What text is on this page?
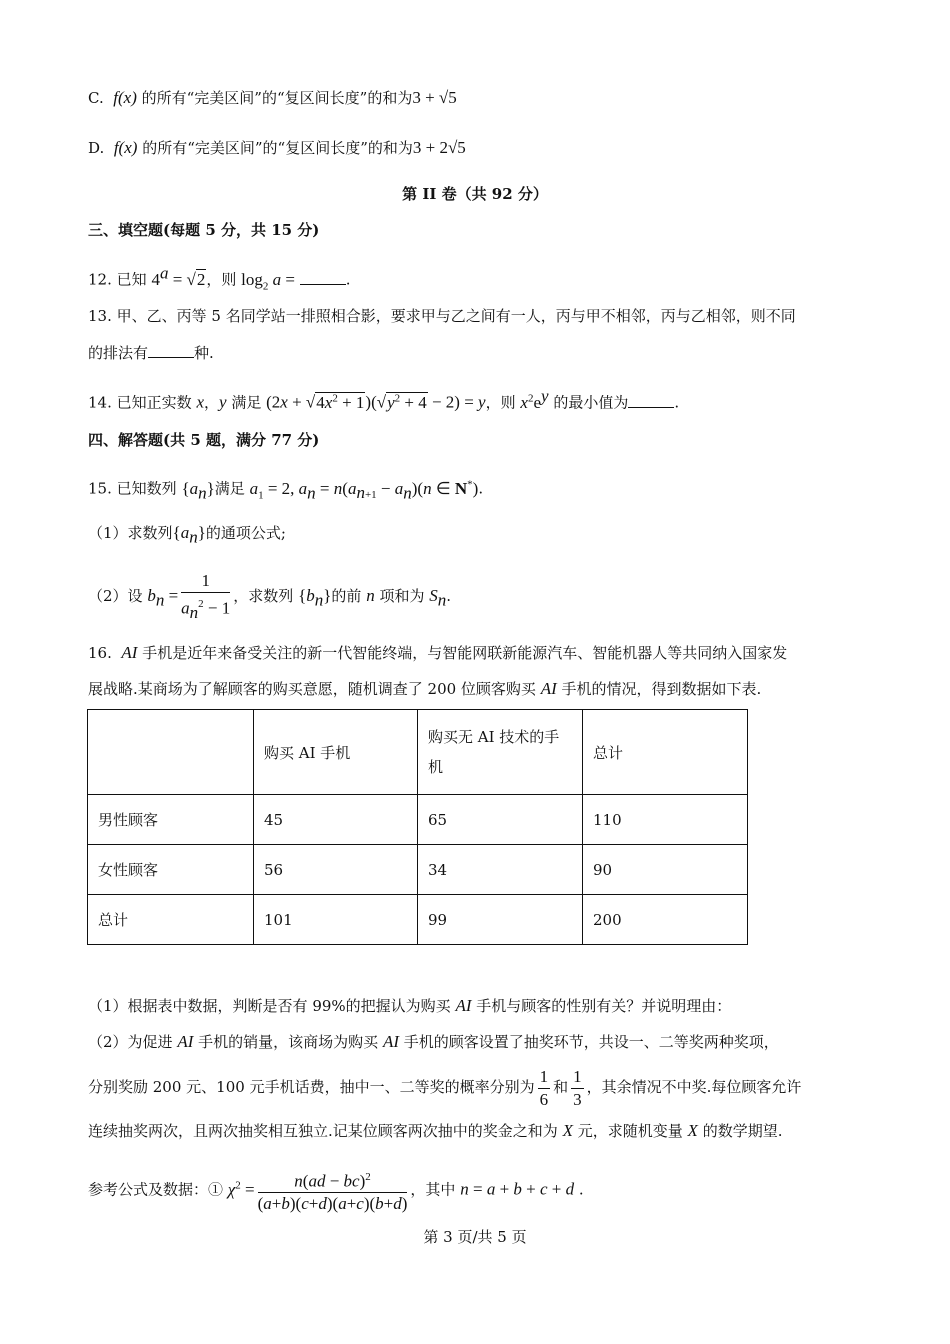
C. f(x) 的所有“完美区间”的“复区间长度”的和为3 + √5
D. f(x) 的所有“完美区间”的“复区间长度”的和为3 + 2√5
第 II 卷（共 92 分）
三、填空题(每题 5 分，共 15 分)
12. 已知 $4^a = √2$，则 $\log_2 a$ =	.
13. 甲、乙、丙等 5 名同学站一排照相合影，要求甲与乙之间有一人，丙与甲不相邻，丙与乙相邻，则不同
的排法有	种.
14. 已知正实数 x，y 满足 $(2x + √4x^2 + 1)(√y^2 + 4 - 2) = y$，则 $x^2e^y$ 的最小值为	.
四、解答题(共 5 题，满分 77 分)
15. 已知数列 $\{a_n\}$满足 $a_1 = 2$, $a_n = n(a_{n+1} - a_n)(n$ ∈ N*).
（1）求数列$\{a_n\}$的通项公式;
（2）设 $b_n = \frac{1}{a_n^2 - 1}$ ，求数列 $\{b_n\}$的前 n 项和为 $S_n$.
16. AI 手机是近年来备受关注的新一代智能终端，与智能网联新能源汽车、智能机器人等共同纳入国家发
展战略.某商场为了解顾客的购买意愿，随机调查了 200 位顾客购买 AI 手机的情况，得到数据如下表.
	购买 AI 手机	购买无 AI 技术的手机	总计
男性顾客	45	65	110
女性顾客	56	34	90
总计	101	99	200
（1）根据表中数据，判断是否有 99%的把握认为购买 AI 手机与顾客的性别有关？并说明理由：
（2）为促进 AI 手机的销量，该商场为购买 AI 手机的顾客设置了抽奖环节，共设一、二等奖两种奖项，
分别奖励 200 元、100 元手机话费，抽中一、二等奖的概率分别为 $\frac{1}{6}$ 和 $\frac{1}{3}$ ，其余情况不中奖.每位顾客允许
连续抽奖两次，且两次抽奖相互独立.记某位顾客两次抽中的奖金之和为 X 元，求随机变量 X 的数学期望.
参考公式及数据：① $\chi^2 = \frac{n(ad - bc)^2}{(a+b)(c+d)(a+c)(b+d)}$ ，其中 n = a + b + c + d .
第 3 页/共 5 页
